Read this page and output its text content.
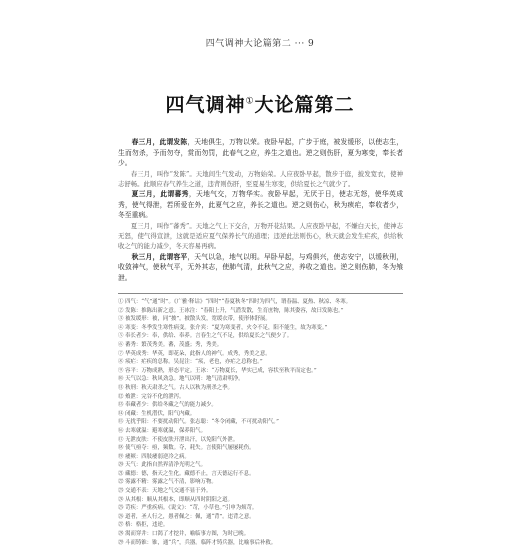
四气调神大论篇第二 ··· 9
四气调神①大论篇第二

春三月，此谓发陈，天地俱生，万物以荣。夜卧早起，广步于庭，被发缓形，以使志生，生而勿杀，予而勿夺，赏而勿罚，此春气之应，养生之道也。逆之则伤肝，夏为寒变，奉长者少。

春三月，叫作“发陈”。天地间生气发动，万物始荣。人应夜卧早起，散步于庭，披发宽衣，使神志舒畅。此顺应春气养生之道，违背则伤肝，至夏易生寒变，供给夏长之气就少了。

夏三月，此谓蕃秀，天地气交，万物华实。夜卧早起，无厌于日，使志无怒，使华英成秀，使气得泄，若所爱在外，此夏气之应，养长之道也。逆之则伤心，秋为痎疟，奉收者少，冬至重病。

夏三月，叫作“蕃秀”。天地之气上下交合，万物开花结果。人应夜卧早起，不嫌白天长，使神志无怒，使气得宣泄，这就是适应夏气保养长气的道理；违逆此法则伤心，秋天就会发生疟疾，供给秋收之气的能力减少，冬天容易再病。

秋三月，此谓容平，天气以急，地气以明。早卧早起，与鸡俱兴，使志安宁，以缓秋刑，收敛神气，使秋气平，无外其志，使肺气清，此秋气之应，养收之道也。逆之则伤肺，冬为飧泄。

① 四气：“气”通“时”。《广雅·释诂》“四时”“春夏秋冬”四时为四气，谓春温、夏热、秋凉、冬寒。

② 发陈：推陈出新之意。王冰注：“春阳上升，气潜发散，生育庶物，陈其姿容，故曰发陈也。”

③ 被发缓形：被，同“披”。披散头发，宽缓衣带，使形体舒展。

④ 寒变：冬季发生寒性病变。张介宾：“夏为寒变者，火令不足，阳不能生，故为寒变。”

⑤ 奉长者少：奉，供给、奉养。言春生之气不足，供给夏长之气便少了。

⑥ 蕃秀：繁茂秀美。蕃，茂盛；秀，秀美。

⑦ 华英成秀：华英，即花朵，此指人的神气。成秀，秀美之意。

⑧ 痎疟：疟疾的总称。吴昆注：“痎，老也，亦疟之总称也。”

⑨ 容平：万物成熟，形态平定。王冰：“万物夏长，华实已成，容状至秋平而定也。”

⑩ 天气以急：秋风劲急。地气以明：地气清肃明净。

⑪ 秋刑：秋天肃杀之气。古人以秋为刑杀之季。

⑫ 飧泄：完谷不化的泄泻。

⑬ 奉藏者少：供给冬藏之气的能力减少。

⑭ 闭藏：生机潜伏，阳气内藏。

⑮ 无扰乎阳：不要扰动阳气。张志聪：“冬令闭藏，不可扰动阳气。”

⑯ 去寒就温：避寒就温，保养阳气。

⑰ 无泄皮肤：不使皮肤开泄出汗，以免阳气外泄。

⑱ 使气亟夺：亟，频数。夺，耗失。言使阳气屡屡耗伤。

⑲ 痿厥：四肢痿弱逆冷之病。

⑳ 天气：此指自然界清净光明之气。

㉑ 藏德：德，指天之生化。藏德不止，言天德运行不息。

㉒ 雾露不精：雾露之气不清，影响万物。

㉓ 交通不表：天地之气交通不显于外。

㉔ 从其根：顺从其根本，即顺从四时阴阳之道。

㉕ 苛疾：严重疾病。《说文》：“苛，小草也。”引申为烦苛。

㉖ 道者，圣人行之，愚者佩之：佩，通“背”。违背之意。

㉗ 格：格拒，违逆。

㉘ 渴而穿井：口渴了才挖井，喻临事方图，为时已晚。

㉙ 斗而铸锥：锥，通“兵”，兵器。临阵才铸兵器，比喻事后补救。
